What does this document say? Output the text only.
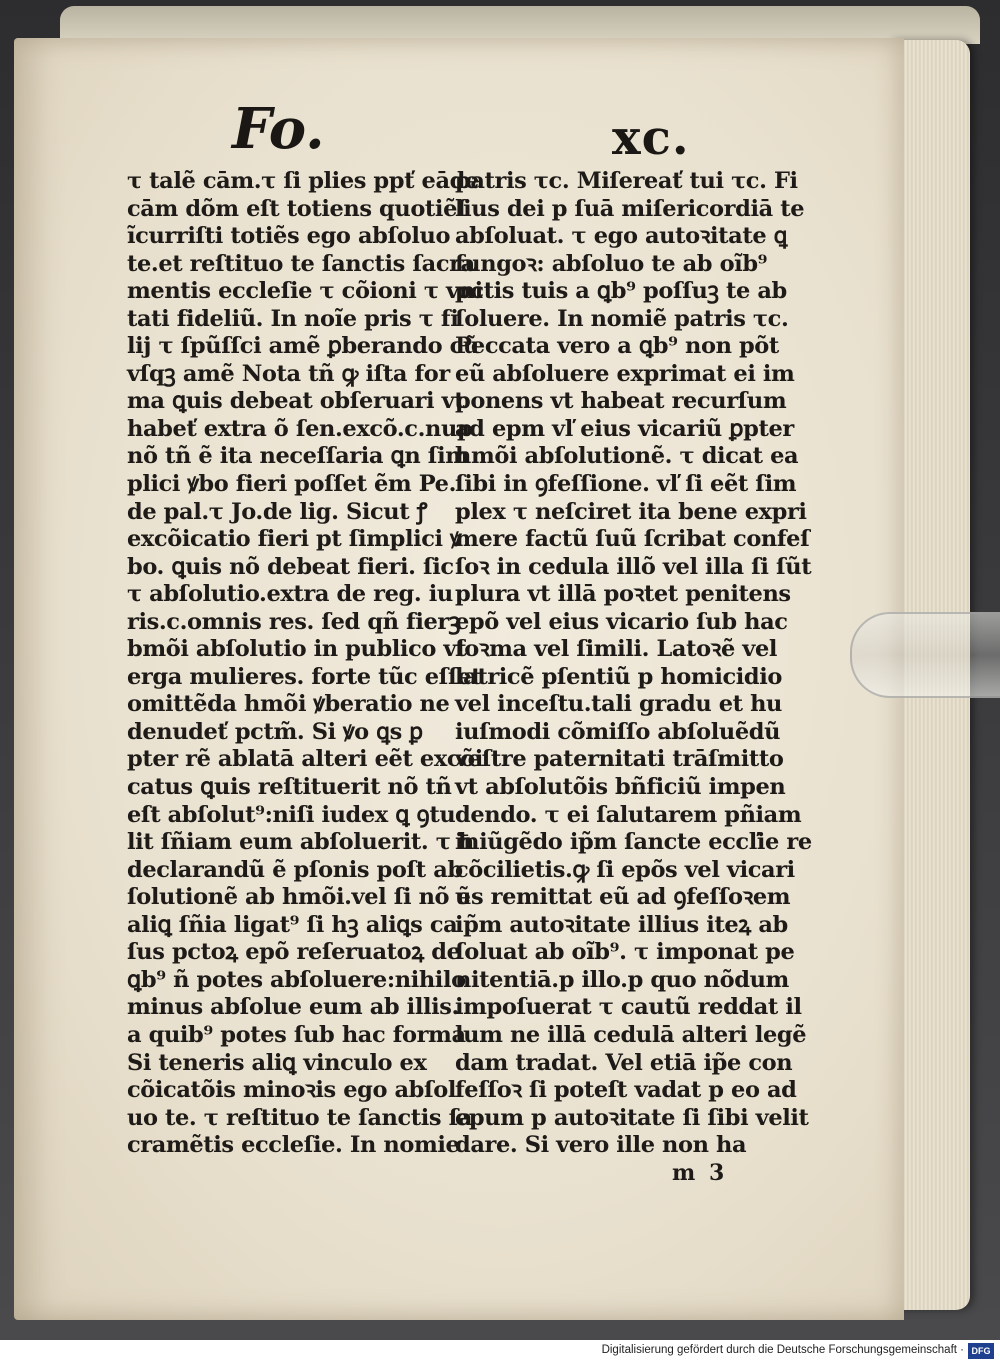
Fo.	xc.
τ talẽ cām.τ ſi plies ppť eāde
cām dõm eſt totiens quotiẽſ
ĩcurriſti totiẽs ego abſoluo
te.et reſtituo te ſanctis ſacra
mentis eccleſie τ cõioni τ vni
tati fideliũ. In noĩe pris τ fi
lij τ ſpũſſci amẽ ꝑberando cũ
vſqꝫ amẽ Nota tñ ꝙ iſta for
ma ꝗuis debeat obſeruari vt
habeť extra õ ſen.excõ.c.nup
nõ tñ ẽ ita neceſſaria ꝗn ſim
plici ꝟbo fieri poſſet ẽm Pe.
de pal.τ Jo.de lig. Sicut ꝭ
excõicatio fieri pt ſimplici ꝟ
bo. ꝗuis nõ debeat fieri. ſic
τ abſolutio.extra de reg. iu
ris.c.omnis res. ſed qñ fierꝫ
bmõi abſolutio in publico vt
erga mulieres. forte tũc eſſet
omittẽda hmõi ꝟberatio ne
denudeť pctm̃. Si ꝟo ꝗs ꝑ
pter rẽ ablatā alteri eẽt excõi
catus ꝗuis reſtituerit nõ tñ
eſt abſolut⁹:niſi iudex ꝗ ꝯtu
lit ſñiam eum abſoluerit. τ ħ
declarandũ ẽ pſonis poſt ab
ſolutionẽ ab hmõi.vel ſi nõ ẽ
aliꝗ ſñia ligat⁹ ſi hꝫ aliꝗs ca
ſus pctoꝝ epõ reſeruatoꝝ de
ꝗb⁹ ñ potes abſoluere:nihilo
minus abſolue eum ab illis.
a quib⁹ potes ſub hac forma
Si teneris aliꝗ vinculo ex
cõicatõis minoꝛis ego abſol
uo te. τ reſtituo te ſanctis ſa
cramẽtis eccleſie. In nomie
patris τc. Miſereať tui τc. Fi
lius dei p ſuā miſericordiā te
abſoluat. τ ego autoꝛitate ꝗ
fungoꝛ: abſoluo te ab oĩb⁹
pctis tuis a ꝗb⁹ poſſuꝫ te ab
ſoluere. In nomiẽ patris τc.
Peccata vero a ꝗb⁹ non põt
eũ abſoluere exprimat ei im
ponens vt habeat recurſum
ad epm vľ eius vicariũ ꝑpter
hmõi abſolutionẽ. τ dicat ea
ſibi in ꝯfeſſione. vľ ſi eẽt ſim
plex τ neſciret ita bene expri
mere factũ ſuũ ſcribat confeſ
ſoꝛ in cedula illõ vel illa ſi ſũt
plura vt illā poꝛtet penitens
epõ vel eius vicario ſub hac
foꝛma vel ſimili. Latoꝛẽ vel
latricẽ pſentiũ p homicidio
vel inceſtu.tali gradu et hu
iuſmodi cõmiſſo abſoluẽdũ
veſtre paternitati trāſmitto
vt abſolutõis bñficiũ impen
dendo. τ ei ſalutarem pñiam
iniũgẽdo ip̃m ſancte eccľie re
cõcilietis.ꝙ ſi epõs vel vicari
us remittat eũ ad ꝯfeſſoꝛem
ip̃m autoꝛitate illius iteꝝ ab
ſoluat ab oĩb⁹. τ imponat pe
nitentiā.p illo.p quo nõdum
impoſuerat τ cautũ reddat il
lum ne illā cedulā alteri legẽ
dam tradat. Vel etiā ip̃e con
feſſoꝛ ſi poteſt vadat p eo ad
epum p autoꝛitate ſi ſibi velit
dare. Si vero ille non ha
m 3
Digitalisierung gefördert durch die Deutsche Forschungsgemeinschaft · DFG
